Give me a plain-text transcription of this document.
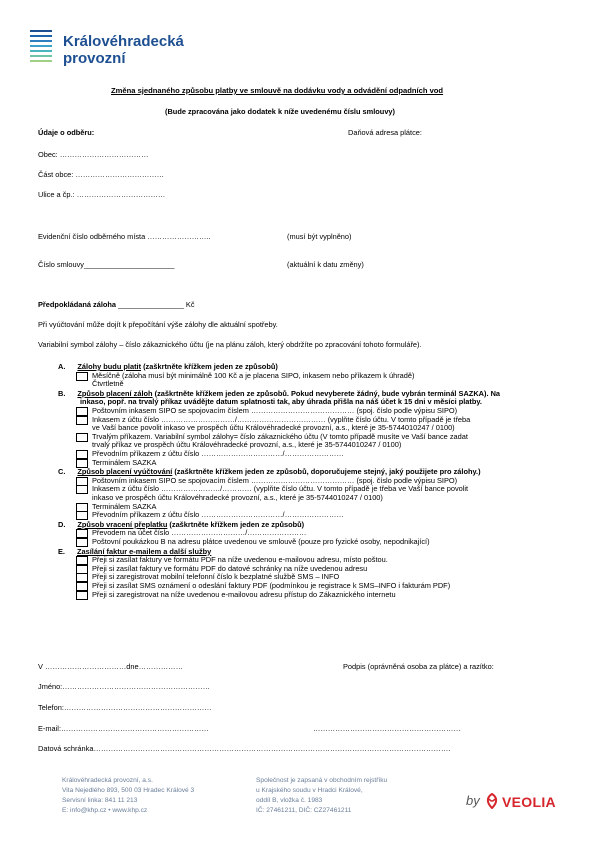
Královéhradecká
provozní
Změna sjednaného způsobu platby ve smlouvě na dodávku vody a odvádění odpadních vod
(Bude zpracována jako dodatek k níže uvedenému číslu smlouvy)
Údaje o odběru:	Daňová adresa plátce:
Obec: ………………………………
Část obce: ………………………………
Ulice a čp.: ………………………………
Evidenční číslo odběrného místa ……………………..	(musí být vyplněno)
Číslo smlouvy______________________	(aktuální k datu změny)
Předpokládaná záloha ________________ Kč
Při vyúčtování může dojít k přepočítání výše zálohy dle aktuální spotřeby.
Variabilní symbol zálohy – číslo zákaznického účtu (je na plánu záloh, který obdržíte po zpracování tohoto formuláře).
A. Zálohy budu platit (zaškrtněte křížkem jeden ze způsobů)
Měsíčně (záloha musí být minimálně 100 Kč a je placena SIPO, inkasem nebo příkazem k úhradě)
Čtvrtletně
B. Způsob placení záloh (zaškrtněte křížkem jeden ze způsobů. Pokud nevyberete žádný, bude vybrán terminál SAZKA). Na
inkaso, popř. na trvalý příkaz uvádějte datum splatnosti tak, aby úhrada přišla na náš účet k 15 dni v měsíci platby.
Poštovním inkasem SIPO se spojovacím číslem …………………………………… (spoj. číslo podle výpisu SIPO)
Inkasem z účtu číslo …………………………/……………………………… (vyplňte číslo účtu. V tomto případě je třeba
ve Vaší bance povolit inkaso ve prospěch účtu Královéhradecké provozní, a.s., které je 35-5744010247 / 0100)
Trvalým příkazem. Variabilní symbol zálohy= číslo zákaznického účtu (V tomto případě musíte ve Vaší bance zadat
trvalý příkaz ve prospěch účtu Královéhradecké provozní, a.s., které je 35-5744010247 / 0100)
Převodním příkazem z účtu číslo ……………………………/……………………
Terminálem SAZKA
C. Způsob placení vyúčtování (zaškrtněte křížkem jeden ze způsobů, doporučujeme stejný, jaký použijete pro zálohy.)
Poštovním inkasem SIPO se spojovacím číslem …………………………………… (spoj. číslo podle výpisu SIPO)
Inkasem z účtu číslo ……………………/………… (vyplňte číslo účtu. V tomto případě je třeba ve Vaší bance povolit
inkaso ve prospěch účtu Královéhradecké provozní, a.s., které je 35-5744010247 / 0100)
Terminálem SAZKA
Převodním příkazem z účtu číslo ……………………………/……………………
D. Způsob vracení přeplatku (zaškrtněte křížkem jeden ze způsobů)
Převodem na účet číslo …………………………/……………………
Poštovní poukázkou B na adresu plátce uvedenou ve smlouvě (pouze pro fyzické osoby, nepodnikající)
E. Zasílání faktur e-mailem a další služby
Přeji si zasílat faktury ve formátu PDF na níže uvedenou e-mailovou adresu, místo poštou.
Přeji si zasílat faktury ve formátu PDF do datové schránky na níže uvedenou adresu
Přeji si zaregistrovat mobilní telefonní číslo k bezplatné službě SMS – INFO
Přeji si zasílat SMS oznámení o odeslání faktury PDF (podmínkou je registrace k SMS–INFO i fakturám PDF)
Přeji si zaregistrovat na níže uvedenou e-mailovou adresu přístup do Zákaznického internetu
V ……………………………dne………………	Podpis (oprávněná osoba za plátce) a razítko:
Jméno:……………………………………………………
Telefon:……………………………………………………
E-mail:……………………………………………………	……………………………………………………
Datová schránka……………………………………………………………………………………………………………………………….
Královéhradecká provozní, a.s.
Vita Nejedlého 893, 500 03 Hradec Králové 3
Servisní linka: 841 11 213
E: info@khp.cz • www.khp.cz
Společnost je zapsaná v obchodním rejstříku
u Krajského soudu v Hradci Králové,
oddíl B, vložka č. 1983
IČ: 27461211, DIČ: CZ27461211
by VEOLIA
